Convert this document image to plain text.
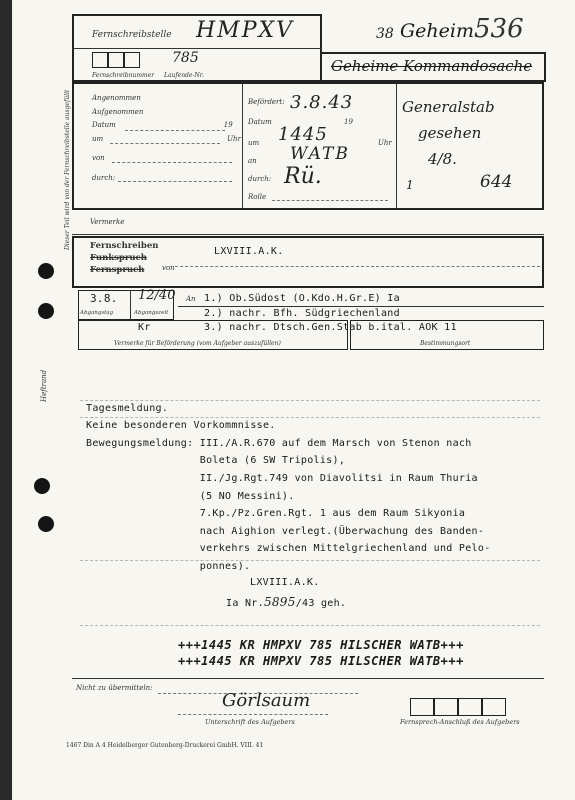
Dieser Teil wird von der Fernschreibstelle ausgefüllt
Heftrand
Fernschreibstelle HMPXV
785
Fernschreibnummer Laufende-Nr.
38 Geheim 536
Geheime Kommandosache
Angenommen
Aufgenommen
Datum	19
um	Uhr
von
durch:
Befördert: 3.8.43
Datum	19
um 1445	Uhr
an WATB
durch: Rü.
Rolle
Generalstab
gesehen
4/8.
1	644
Vermerke
Fernschreiben
Funkspruch
Fernspruch	von
LXVIII.A.K.
3.8. 12/40
Abgangstag	Abgangszeit
An 1.) Ob.Südost (O.Kdo.H.Gr.E) Ia
2.) nachr. Bfh. Südgriechenland
3.) nachr. Dtsch.Gen.Stab b.ital. AOK 11
Kr
Vermerke für Beförderung (vom Aufgeber auszufüllen)	Bestimmungsort

Tagesmeldung.
Keine besonderen Vorkommnisse.
Bewegungsmeldung: III./A.R.670 auf dem Marsch von Stenon nach
Boleta (6 SW Tripolis),
II./Jg.Rgt.749 von Diavolitsi in Raum Thuria
(5 NO Messini).
7.Kp./Pz.Gren.Rgt. 1 aus dem Raum Sikyonia
nach Aighion verlegt.(Überwachung des Banden-
verkehrs zwischen Mittelgriechenland und Pelo-
ponnes).
LXVIII.A.K.
Ia Nr.5895/43 geh.
+++1445 KR HMPXV 785 HILSCHER WATB+++
+++1445 KR HMPXV 785 HILSCHER WATB+++
Nicht zu übermitteln:
Görlsaum
Unterschrift des Aufgebers	Fernsprech-Anschluß des Aufgebers
1467 Din A 4 Heidelberger Gutenberg-Druckerei GmbH. VIII. 41
